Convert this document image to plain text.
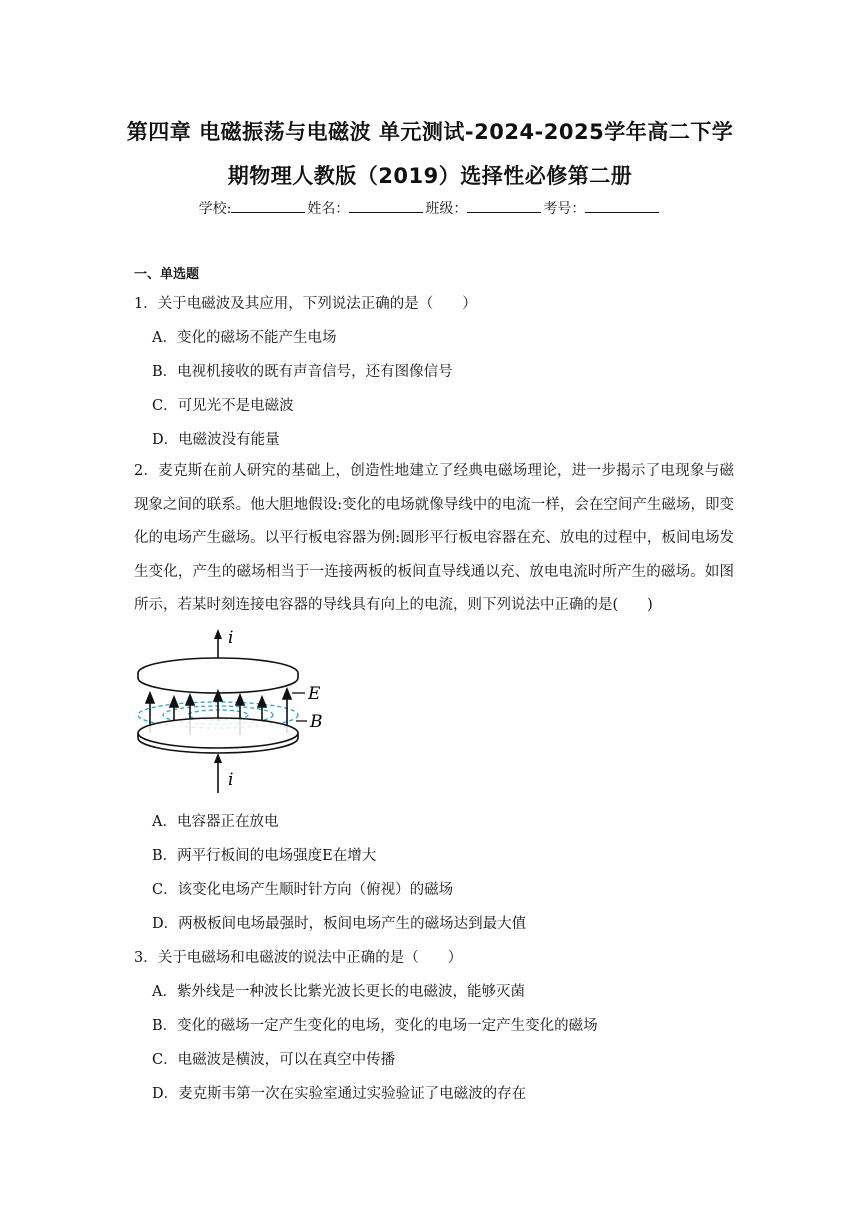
第四章 电磁振荡与电磁波 单元测试-2024-2025学年高二下学
期物理人教版（2019）选择性必修第二册
学校:	姓名：	班级：	考号：
一、单选题
1．关于电磁波及其应用，下列说法正确的是（　　）
A．变化的磁场不能产生电场
B．电视机接收的既有声音信号，还有图像信号
C．可见光不是电磁波
D．电磁波没有能量
2．麦克斯在前人研究的基础上，创造性地建立了经典电磁场理论，进一步揭示了电现象与磁现象之间的联系。他大胆地假设:变化的电场就像导线中的电流一样，会在空间产生磁场，即变化的电场产生磁场。以平行板电容器为例:圆形平行板电容器在充、放电的过程中，板间电场发生变化，产生的磁场相当于一连接两板的板间直导线通以充、放电电流时所产生的磁场。如图所示，若某时刻连接电容器的导线具有向上的电流，则下列说法中正确的是(　　)
i
E
B
i
A．电容器正在放电
B．两平行板间的电场强度E在增大
C．该变化电场产生顺时针方向（俯视）的磁场
D．两极板间电场最强时，板间电场产生的磁场达到最大值
3．关于电磁场和电磁波的说法中正确的是（　　）
A．紫外线是一种波长比紫光波长更长的电磁波，能够灭菌
B．变化的磁场一定产生变化的电场，变化的电场一定产生变化的磁场
C．电磁波是横波，可以在真空中传播
D．麦克斯韦第一次在实验室通过实验验证了电磁波的存在
